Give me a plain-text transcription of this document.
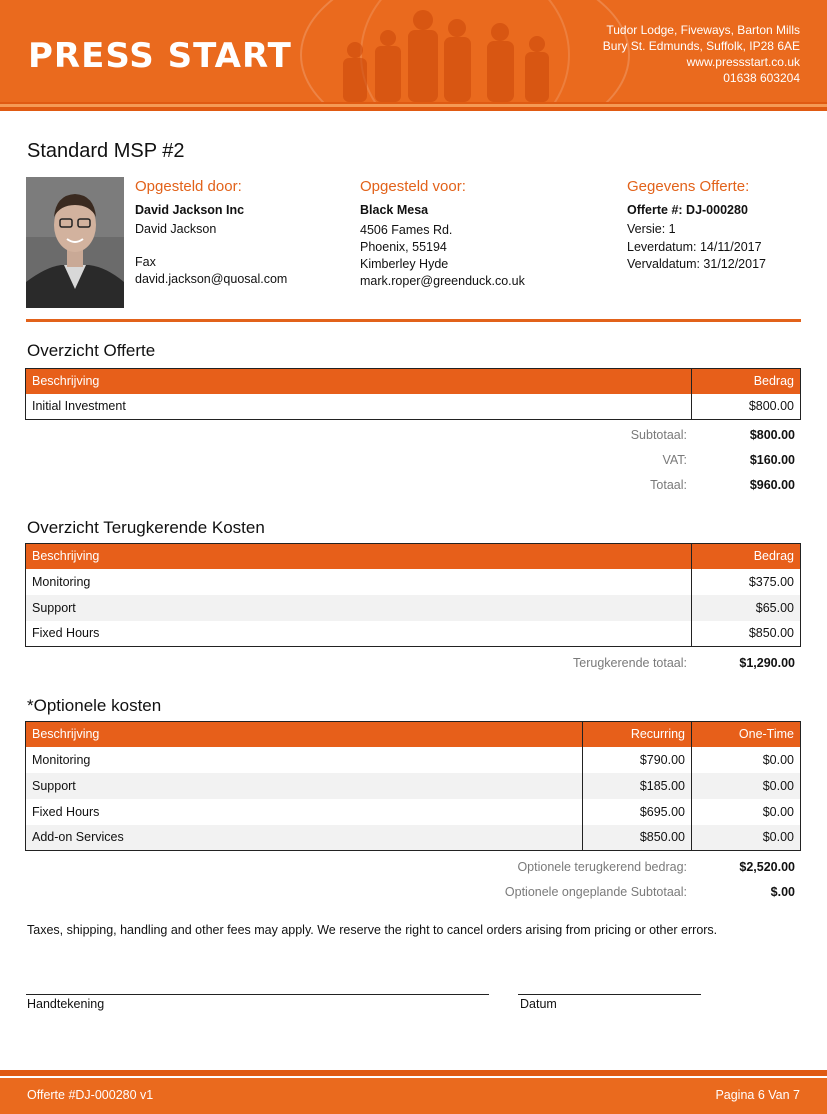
PRESS START
Tudor Lodge, Fiveways, Barton Mills
Bury St. Edmunds, Suffolk, IP28 6AE
www.pressstart.co.uk
01638 603204
Standard MSP #2
Opgesteld door:
David Jackson Inc
David Jackson
Fax
david.jackson@quosal.com
Opgesteld voor:
Black Mesa
4506 Fames Rd.
Phoenix, 55194
Kimberley Hyde
mark.roper@greenduck.co.uk
Gegevens Offerte:
Offerte #: DJ-000280
Versie: 1
Leverdatum: 14/11/2017
Vervaldatum: 31/12/2017
Overzicht Offerte
Beschrijving	Bedrag
Initial Investment	$800.00
Subtotaal:	$800.00
VAT:	$160.00
Totaal:	$960.00
Overzicht Terugkerende Kosten
Beschrijving	Bedrag
Monitoring	$375.00
Support	$65.00
Fixed Hours	$850.00
Terugkerende totaal:	$1,290.00
*Optionele kosten
Beschrijving	Recurring	One-Time
Monitoring	$790.00	$0.00
Support	$185.00	$0.00
Fixed Hours	$695.00	$0.00
Add-on Services	$850.00	$0.00
Optionele terugkerend bedrag:	$2,520.00
Optionele ongeplande Subtotaal:	$.00
Taxes, shipping, handling and other fees may apply. We reserve the right to cancel orders arising from pricing or other errors.
Handtekening	Datum
Offerte #DJ-000280 v1	Pagina 6 Van 7
